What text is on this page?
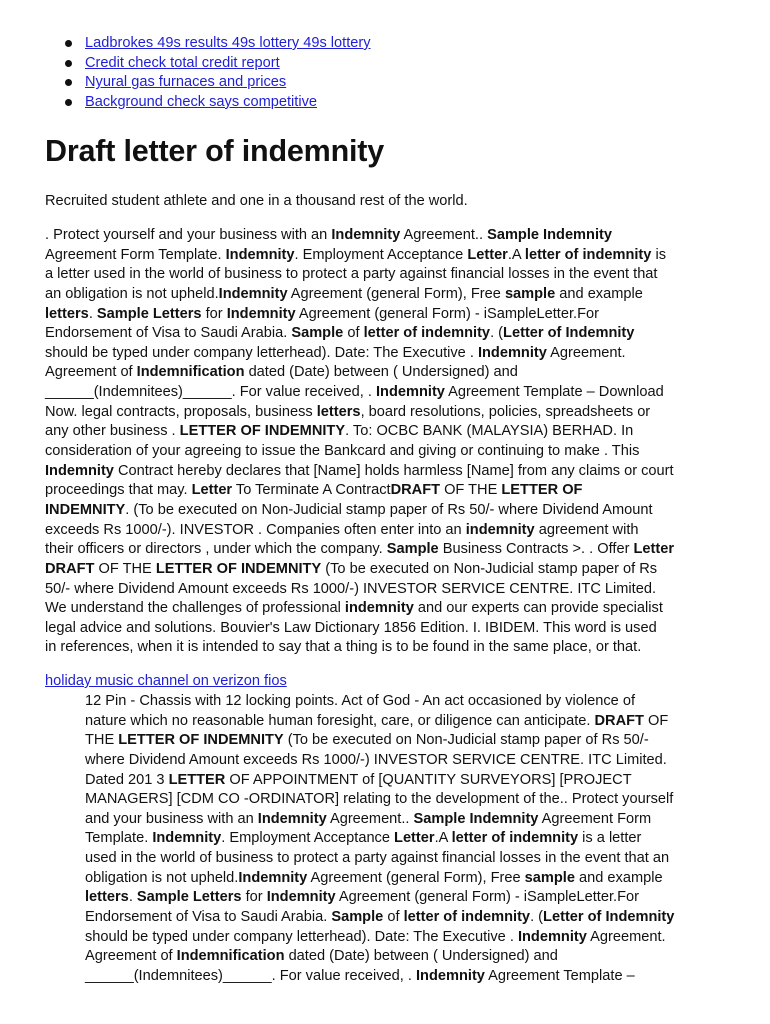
Ladbrokes 49s results 49s lottery 49s lottery
Credit check total credit report
Nyural gas furnaces and prices
Background check says competitive
Draft letter of indemnity
Recruited student athlete and one in a thousand rest of the world.
. Protect yourself and your business with an Indemnity Agreement.. Sample Indemnity
Agreement Form Template. Indemnity. Employment Acceptance Letter.A letter of indemnity is
a letter used in the world of business to protect a party against financial losses in the event that
an obligation is not upheld.Indemnity Agreement (general Form), Free sample and example
letters. Sample Letters for Indemnity Agreement (general Form) - iSampleLetter.For
Endorsement of Visa to Saudi Arabia. Sample of letter of indemnity. (Letter of Indemnity
should be typed under company letterhead). Date: The Executive . Indemnity Agreement.
Agreement of Indemnification dated (Date) between ( Undersigned) and
______(Indemnitees)______. For value received, . Indemnity Agreement Template – Download
Now. legal contracts, proposals, business letters, board resolutions, policies, spreadsheets or
any other business . LETTER OF INDEMNITY. To: OCBC BANK (MALAYSIA) BERHAD. In
consideration of your agreeing to issue the Bankcard and giving or continuing to make . This
Indemnity Contract hereby declares that [Name] holds harmless [Name] from any claims or court
proceedings that may. Letter To Terminate A ContractDRAFT OF THE LETTER OF
INDEMNITY. (To be executed on Non-Judicial stamp paper of Rs 50/- where Dividend Amount
exceeds Rs 1000/-). INVESTOR . Companies often enter into an indemnity agreement with
their officers or directors , under which the company. Sample Business Contracts >. . Offer Letter
DRAFT OF THE LETTER OF INDEMNITY (To be executed on Non-Judicial stamp paper of Rs
50/- where Dividend Amount exceeds Rs 1000/-) INVESTOR SERVICE CENTRE. ITC Limited.
We understand the challenges of professional indemnity and our experts can provide specialist
legal advice and solutions. Bouvier's Law Dictionary 1856 Edition. I. IBIDEM. This word is used
in references, when it is intended to say that a thing is to be found in the same place, or that.
holiday music channel on verizon fios
12 Pin - Chassis with 12 locking points. Act of God - An act occasioned by violence of
nature which no reasonable human foresight, care, or diligence can anticipate. DRAFT OF
THE LETTER OF INDEMNITY (To be executed on Non-Judicial stamp paper of Rs 50/-
where Dividend Amount exceeds Rs 1000/-) INVESTOR SERVICE CENTRE. ITC Limited.
Dated 201 3 LETTER OF APPOINTMENT of [QUANTITY SURVEYORS] [PROJECT
MANAGERS] [CDM CO -ORDINATOR] relating to the development of the.. Protect yourself
and your business with an Indemnity Agreement.. Sample Indemnity Agreement Form
Template. Indemnity. Employment Acceptance Letter.A letter of indemnity is a letter
used in the world of business to protect a party against financial losses in the event that an
obligation is not upheld.Indemnity Agreement (general Form), Free sample and example
letters. Sample Letters for Indemnity Agreement (general Form) - iSampleLetter.For
Endorsement of Visa to Saudi Arabia. Sample of letter of indemnity. (Letter of Indemnity
should be typed under company letterhead). Date: The Executive . Indemnity Agreement.
Agreement of Indemnification dated (Date) between ( Undersigned) and
______(Indemnitees)______. For value received, . Indemnity Agreement Template –
